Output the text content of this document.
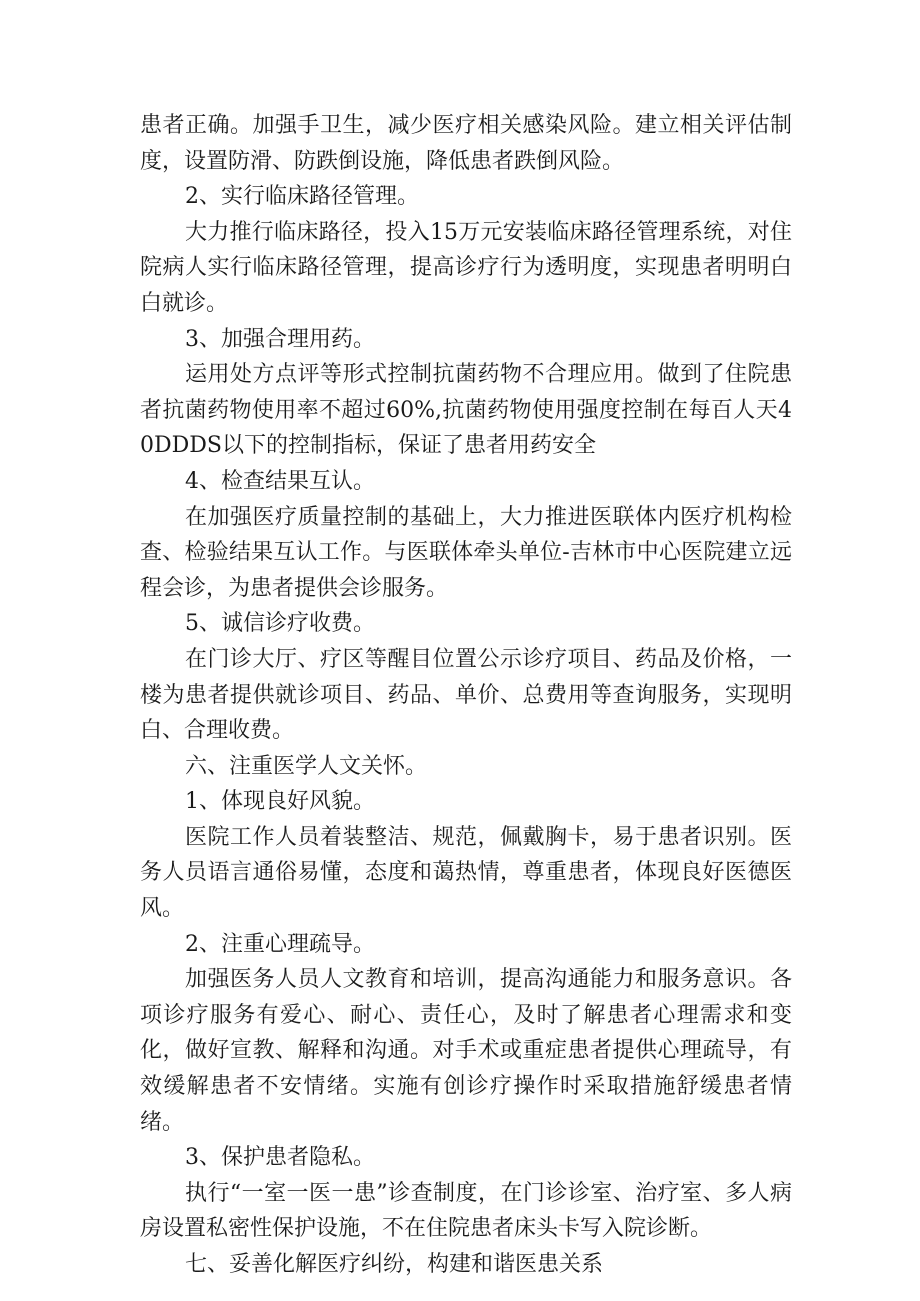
患者正确。加强手卫生，减少医疗相关感染风险。建立相关评估制度，设置防滑、防跌倒设施，降低患者跌倒风险。

2、实行临床路径管理。

大力推行临床路径，投入15万元安装临床路径管理系统，对住院病人实行临床路径管理，提高诊疗行为透明度，实现患者明明白白就诊。

3、加强合理用药。

运用处方点评等形式控制抗菌药物不合理应用。做到了住院患者抗菌药物使用率不超过60%,抗菌药物使用强度控制在每百人天40DDDS以下的控制指标，保证了患者用药安全

4、检查结果互认。

在加强医疗质量控制的基础上，大力推进医联体内医疗机构检查、检验结果互认工作。与医联体牵头单位-吉林市中心医院建立远程会诊，为患者提供会诊服务。

5、诚信诊疗收费。

在门诊大厅、疗区等醒目位置公示诊疗项目、药品及价格，一楼为患者提供就诊项目、药品、单价、总费用等查询服务，实现明白、合理收费。

六、注重医学人文关怀。

1、体现良好风貌。

医院工作人员着装整洁、规范，佩戴胸卡，易于患者识别。医务人员语言通俗易懂，态度和蔼热情，尊重患者，体现良好医德医风。

2、注重心理疏导。

加强医务人员人文教育和培训，提高沟通能力和服务意识。各项诊疗服务有爱心、耐心、责任心，及时了解患者心理需求和变化，做好宣教、解释和沟通。对手术或重症患者提供心理疏导，有效缓解患者不安情绪。实施有创诊疗操作时采取措施舒缓患者情绪。

3、保护患者隐私。

执行“一室一医一患”诊查制度，在门诊诊室、治疗室、多人病房设置私密性保护设施，不在住院患者床头卡写入院诊断。

七、妥善化解医疗纠纷，构建和谐医患关系
